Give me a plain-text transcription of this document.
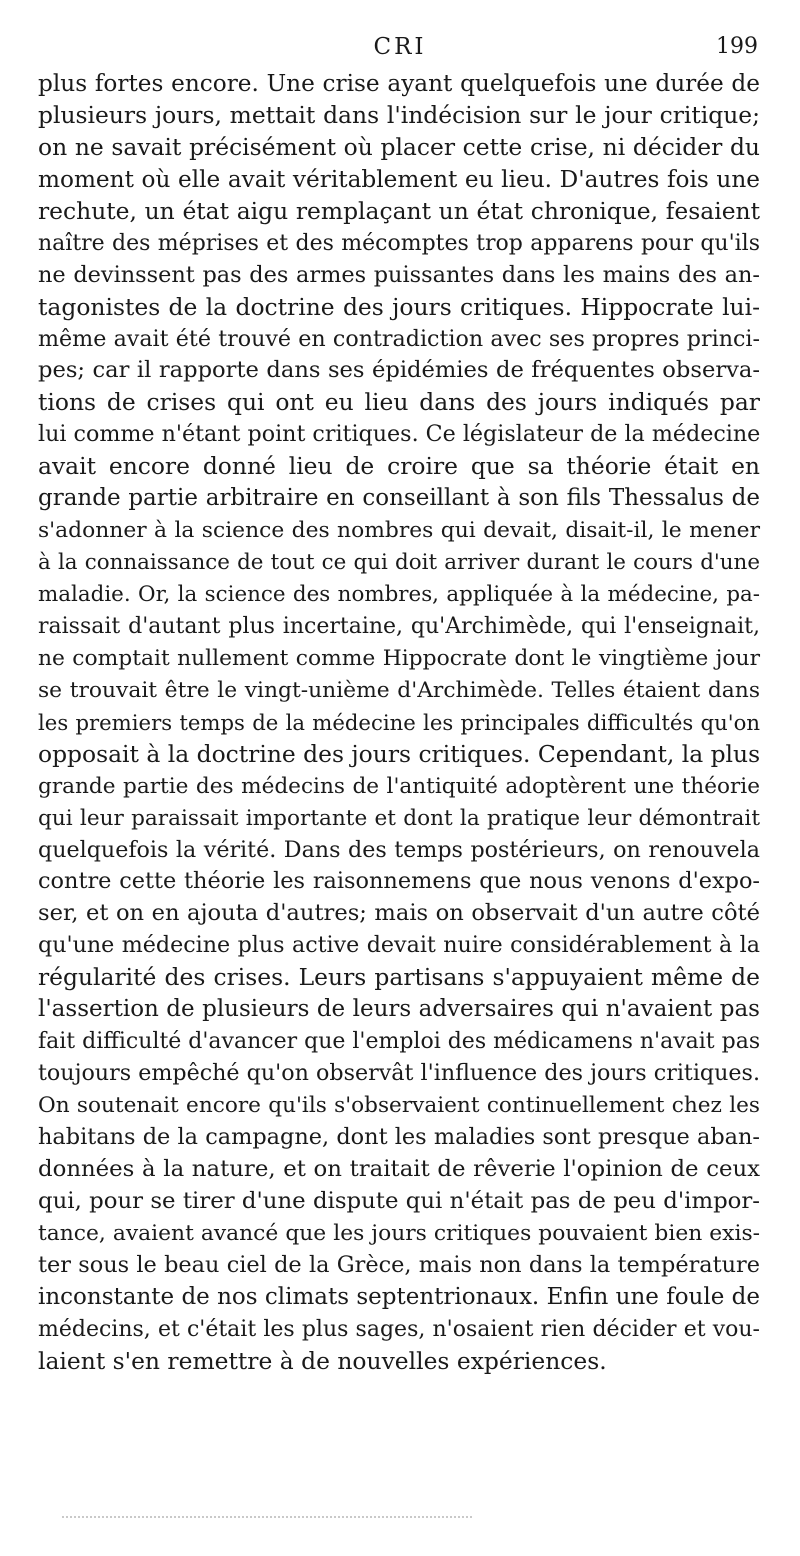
CRI	199
plus fortes encore. Une crise ayant quelquefois une durée de
plusieurs jours, mettait dans l'indécision sur le jour critique;
on ne savait précisément où placer cette crise, ni décider du
moment où elle avait véritablement eu lieu. D'autres fois une
rechute, un état aigu remplaçant un état chronique, fesaient
naître des méprises et des mécomptes trop apparens pour qu'ils
ne devinssent pas des armes puissantes dans les mains des an-
tagonistes de la doctrine des jours critiques. Hippocrate lui-
même avait été trouvé en contradiction avec ses propres princi-
pes; car il rapporte dans ses épidémies de fréquentes observa-
tions de crises qui ont eu lieu dans des jours indiqués par
lui comme n'étant point critiques. Ce législateur de la médecine
avait encore donné lieu de croire que sa théorie était en
grande partie arbitraire en conseillant à son fils Thessalus de
s'adonner à la science des nombres qui devait, disait-il, le mener
à la connaissance de tout ce qui doit arriver durant le cours d'une
maladie. Or, la science des nombres, appliquée à la médecine, pa-
raissait d'autant plus incertaine, qu'Archimède, qui l'enseignait,
ne comptait nullement comme Hippocrate dont le vingtième jour
se trouvait être le vingt-unième d'Archimède. Telles étaient dans
les premiers temps de la médecine les principales difficultés qu'on
opposait à la doctrine des jours critiques. Cependant, la plus
grande partie des médecins de l'antiquité adoptèrent une théorie
qui leur paraissait importante et dont la pratique leur démontrait
quelquefois la vérité. Dans des temps postérieurs, on renouvela
contre cette théorie les raisonnemens que nous venons d'expo-
ser, et on en ajouta d'autres; mais on observait d'un autre côté
qu'une médecine plus active devait nuire considérablement à la
régularité des crises. Leurs partisans s'appuyaient même de
l'assertion de plusieurs de leurs adversaires qui n'avaient pas
fait difficulté d'avancer que l'emploi des médicamens n'avait pas
toujours empêché qu'on observât l'influence des jours critiques.
On soutenait encore qu'ils s'observaient continuellement chez les
habitans de la campagne, dont les maladies sont presque aban-
données à la nature, et on traitait de rêverie l'opinion de ceux
qui, pour se tirer d'une dispute qui n'était pas de peu d'impor-
tance, avaient avancé que les jours critiques pouvaient bien exis-
ter sous le beau ciel de la Grèce, mais non dans la température
inconstante de nos climats septentrionaux. Enfin une foule de
médecins, et c'était les plus sages, n'osaient rien décider et vou-
laient s'en remettre à de nouvelles expériences.
